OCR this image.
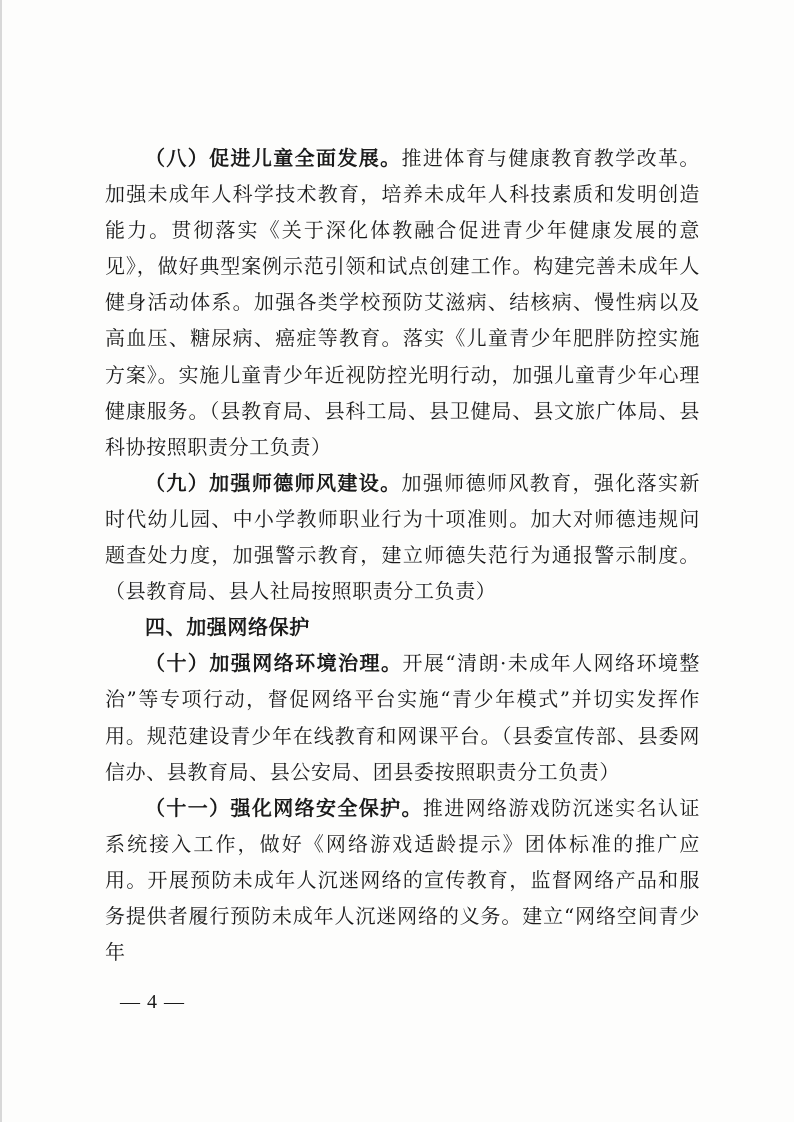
（八）促进儿童全面发展。推进体育与健康教育教学改革。加强未成年人科学技术教育，培养未成年人科技素质和发明创造能力。贯彻落实《关于深化体教融合促进青少年健康发展的意见》，做好典型案例示范引领和试点创建工作。构建完善未成年人健身活动体系。加强各类学校预防艾滋病、结核病、慢性病以及高血压、糖尿病、癌症等教育。落实《儿童青少年肥胖防控实施方案》。实施儿童青少年近视防控光明行动，加强儿童青少年心理健康服务。（县教育局、县科工局、县卫健局、县文旅广体局、县科协按照职责分工负责）

（九）加强师德师风建设。加强师德师风教育，强化落实新时代幼儿园、中小学教师职业行为十项准则。加大对师德违规问题查处力度，加强警示教育，建立师德失范行为通报警示制度。（县教育局、县人社局按照职责分工负责）

四、加强网络保护

（十）加强网络环境治理。开展“清朗·未成年人网络环境整治”等专项行动，督促网络平台实施“青少年模式”并切实发挥作用。规范建设青少年在线教育和网课平台。（县委宣传部、县委网信办、县教育局、县公安局、团县委按照职责分工负责）

（十一）强化网络安全保护。推进网络游戏防沉迷实名认证系统接入工作，做好《网络游戏适龄提示》团体标准的推广应用。开展预防未成年人沉迷网络的宣传教育，监督网络产品和服务提供者履行预防未成年人沉迷网络的义务。建立“网络空间青少年

— 4 —
